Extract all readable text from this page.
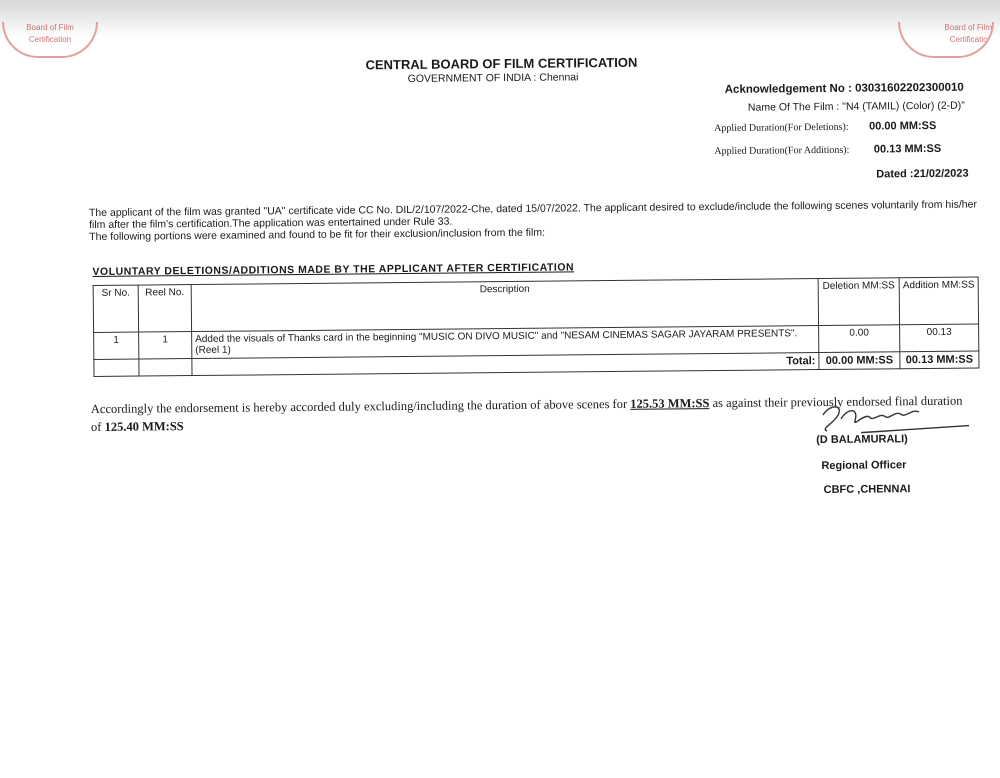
Board of Film Certification
Board of Film Certification
CENTRAL BOARD OF FILM CERTIFICATION
GOVERNMENT OF INDIA : Chennai
Acknowledgement No : 03031602202300010
Name Of The Film : "N4 (TAMIL) (Color) (2-D)"
Applied Duration(For Deletions): 00.00 MM:SS
Applied Duration(For Additions): 00.13 MM:SS
Dated :21/02/2023
The applicant of the film was granted "UA" certificate vide CC No. DIL/2/107/2022-Che, dated 15/07/2022. The applicant desired to exclude/include the following scenes voluntarily from his/her film after the film's certification.The application was entertained under Rule 33.
The following portions were examined and found to be fit for their exclusion/inclusion from the film:
VOLUNTARY DELETIONS/ADDITIONS MADE BY THE APPLICANT AFTER CERTIFICATION
Sr No.	Reel No.	Description	Deletion MM:SS	Addition MM:SS
1	1	Added the visuals of Thanks card in the beginning "MUSIC ON DIVO MUSIC" and "NESAM CINEMAS SAGAR JAYARAM PRESENTS". (Reel 1)	0.00	00.13
		Total:	00.00 MM:SS	00.13 MM:SS
Accordingly the endorsement is hereby accorded duly excluding/including the duration of above scenes for 125.53 MM:SS as against their previously endorsed final duration of 125.40 MM:SS
(D BALAMURALI)
Regional Officer
CBFC ,CHENNAI
